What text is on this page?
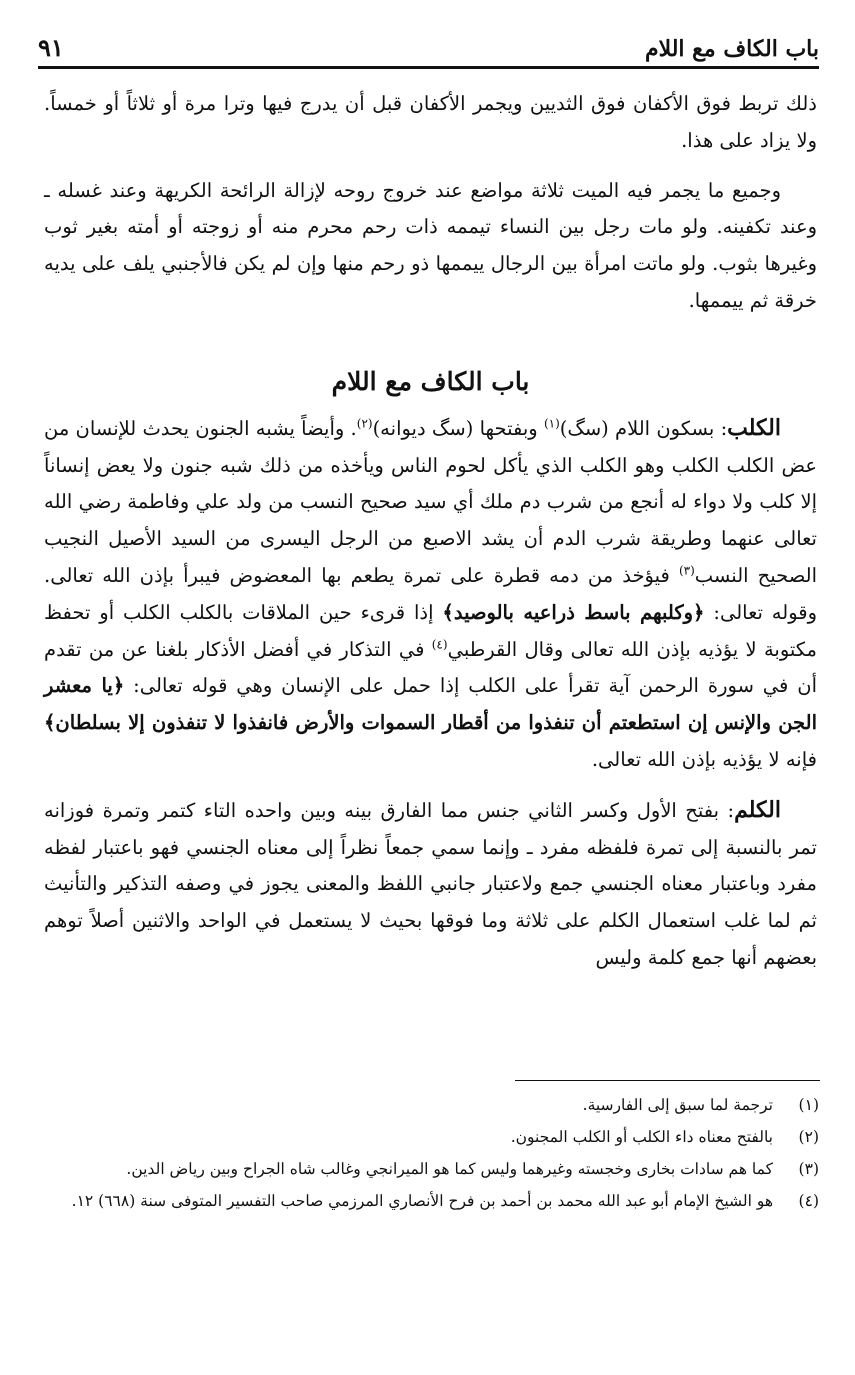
باب الكاف مع اللام
٩١

ذلك تربط فوق الأكفان فوق الثديين ويجمر الأكفان قبل أن يدرج فيها وترا مرة أو ثلاثاً أو خمساً. ولا يزاد على هذا.

وجميع ما يجمر فيه الميت ثلاثة مواضع عند خروج روحه لإزالة الرائحة الكريهة وعند غسله ـ وعند تكفينه. ولو مات رجل بين النساء تيممه ذات رحم محرم منه أو زوجته أو أمته بغير ثوب وغيرها بثوب. ولو ماتت امرأة بين الرجال ييممها ذو رحم منها وإن لم يكن فالأجنبي يلف على يديه خرقة ثم ييممها.

باب الكاف مع اللام

الكلب: بسكون اللام (سگ)$^{(١)}$ وبفتحها (سگ ديوانه)$^{(٢)}$. وأيضاً يشبه الجنون يحدث للإنسان من عض الكلب الكلب وهو الكلب الذي يأكل لحوم الناس ويأخذه من ذلك شبه جنون ولا يعض إنساناً إلا كلب ولا دواء له أنجع من شرب دم ملك أي سيد صحيح النسب من ولد علي وفاطمة رضي الله تعالى عنهما وطريقة شرب الدم أن يشد الاصبع من الرجل اليسرى من السيد الأصيل النجيب الصحيح النسب$^{(٣)}$ فيؤخذ من دمه قطرة على تمرة يطعم بها المعضوض فيبرأ بإذن الله تعالى. وقوله تعالى: ﴿وكلبهم باسط ذراعيه بالوصيد﴾ إذا قرىء حين الملاقات بالكلب الكلب أو تحفظ مكتوبة لا يؤذيه بإذن الله تعالى وقال القرطبي$^{(٤)}$ في التذكار في أفضل الأذكار بلغنا عن من تقدم أن في سورة الرحمن آية تقرأ على الكلب إذا حمل على الإنسان وهي قوله تعالى: ﴿يا معشر الجن والإنس إن استطعتم أن تنفذوا من أقطار السموات والأرض فانفذوا لا تنفذون إلا بسلطان﴾ فإنه لا يؤذيه بإذن الله تعالى.

الكلم: بفتح الأول وكسر الثاني جنس مما الفارق بينه وبين واحده التاء كتمر وتمرة فوزانه تمر بالنسبة إلى تمرة فلفظه مفرد ـ وإنما سمي جمعاً نظراً إلى معناه الجنسي فهو باعتبار لفظه مفرد وباعتبار معناه الجنسي جمع ولاعتبار جانبي اللفظ والمعنى يجوز في وصفه التذكير والتأنيث ثم لما غلب استعمال الكلم على ثلاثة وما فوقها بحيث لا يستعمل في الواحد والاثنين أصلاً توهم بعضهم أنها جمع كلمة وليس

(١)
ترجمة لما سبق إلى الفارسية.
(٢)
بالفتح معناه داء الكلب أو الكلب المجنون.
(٣)
كما هم سادات بخارى وخجسته وغيرهما وليس كما هو الميرانجي وغالب شاه الجراح وبين رياض الدين.
(٤)
هو الشيخ الإمام أبو عبد الله محمد بن أحمد بن فرح الأنصاري المرزمي صاحب التفسير المتوفى سنة (٦٦٨) ١٢.
